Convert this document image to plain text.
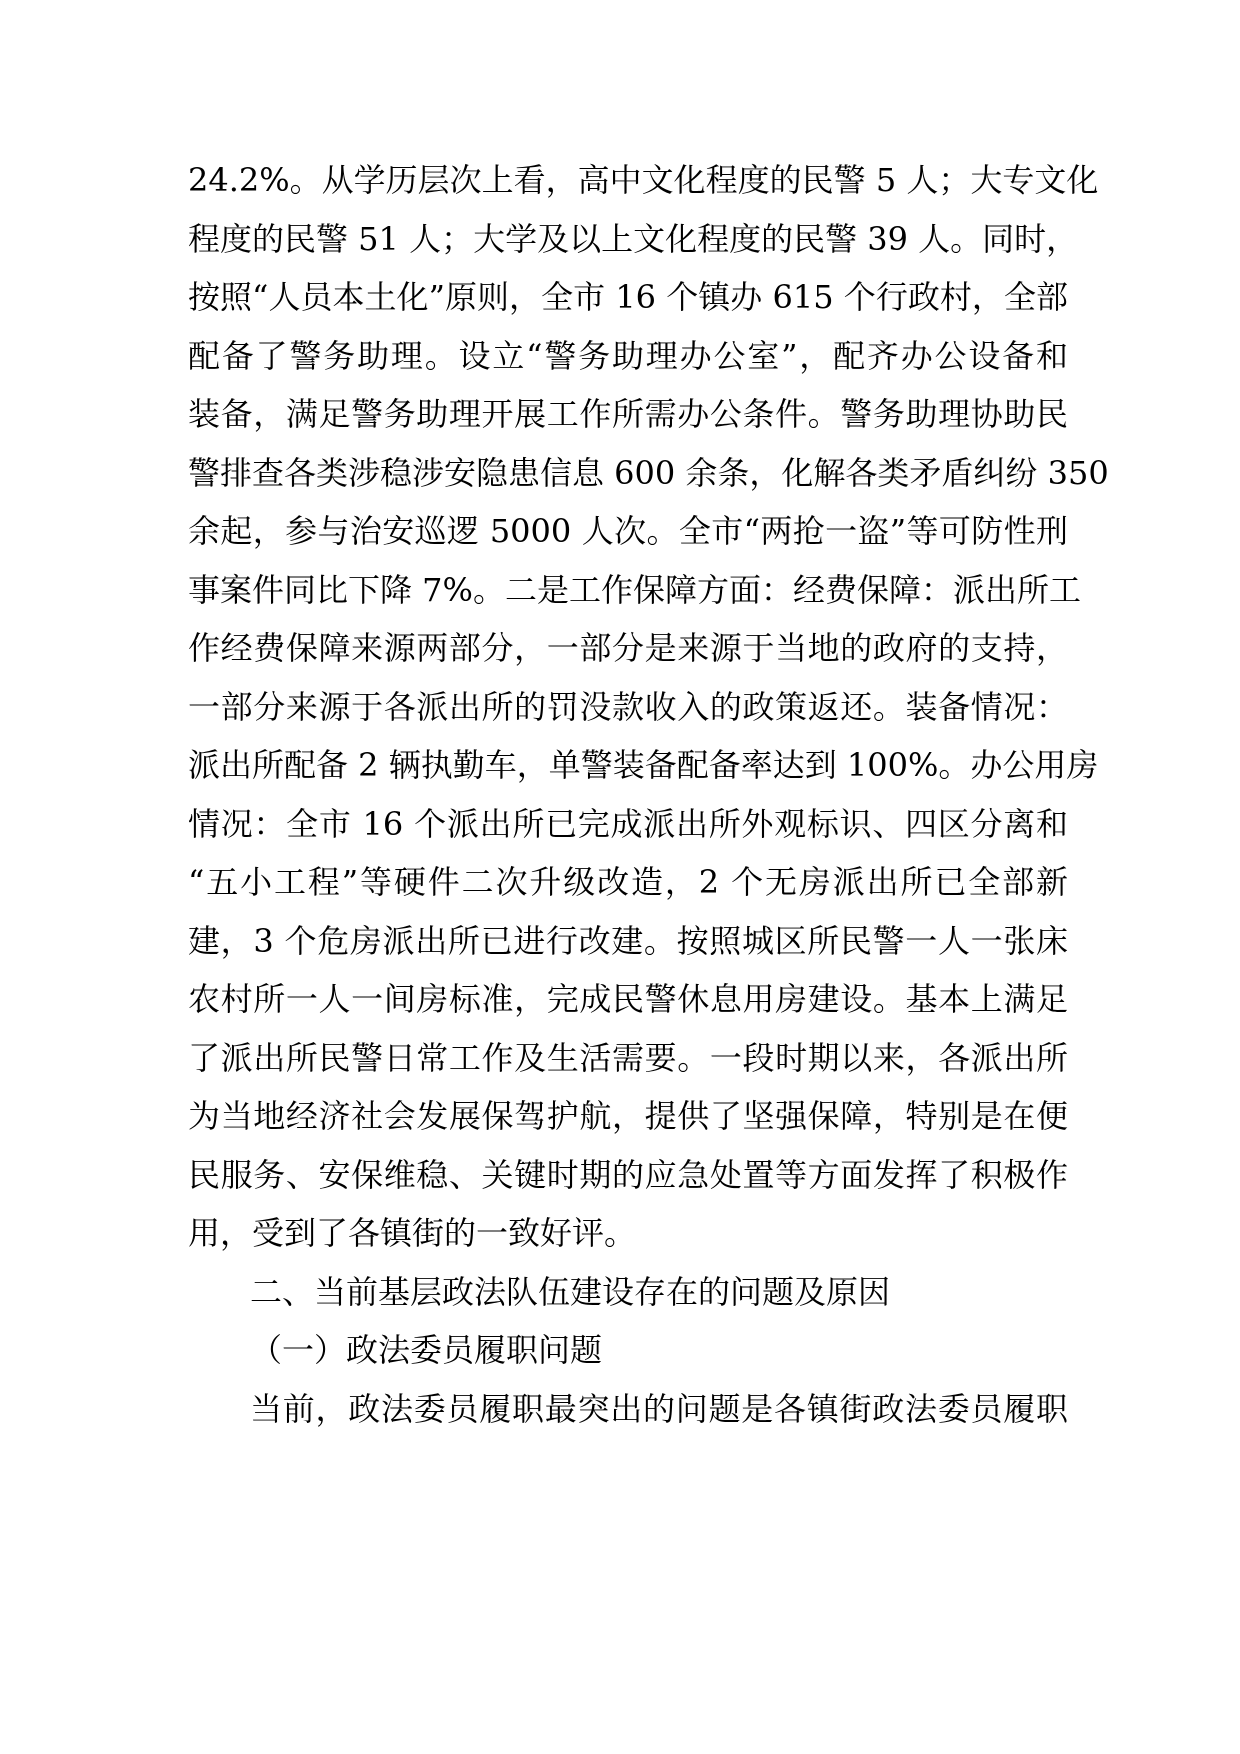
24.2%。从学历层次上看，高中文化程度的民警 5 人；大专文化
程度的民警 51 人；大学及以上文化程度的民警 39 人。同时，
按照“人员本土化”原则，全市 16 个镇办 615 个行政村，全部
配备了警务助理。设立“警务助理办公室”，配齐办公设备和
装备，满足警务助理开展工作所需办公条件。警务助理协助民
警排查各类涉稳涉安隐患信息 600 余条，化解各类矛盾纠纷 350
余起，参与治安巡逻 5000 人次。全市“两抢一盗”等可防性刑
事案件同比下降 7%。二是工作保障方面：经费保障：派出所工
作经费保障来源两部分，一部分是来源于当地的政府的支持，
一部分来源于各派出所的罚没款收入的政策返还。装备情况：
派出所配备 2 辆执勤车，单警装备配备率达到 100%。办公用房
情况：全市 16 个派出所已完成派出所外观标识、四区分离和
“五小工程”等硬件二次升级改造，2 个无房派出所已全部新
建，3 个危房派出所已进行改建。按照城区所民警一人一张床
农村所一人一间房标准，完成民警休息用房建设。基本上满足
了派出所民警日常工作及生活需要。一段时期以来，各派出所
为当地经济社会发展保驾护航，提供了坚强保障，特别是在便
民服务、安保维稳、关键时期的应急处置等方面发挥了积极作
用，受到了各镇街的一致好评。
二、当前基层政法队伍建设存在的问题及原因
（一）政法委员履职问题
当前，政法委员履职最突出的问题是各镇街政法委员履职
